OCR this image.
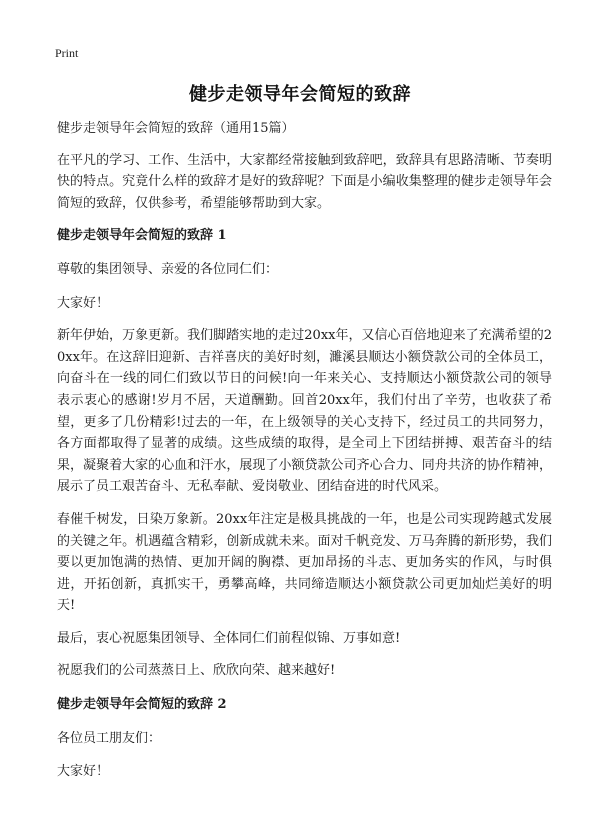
Print
健步走领导年会简短的致辞

健步走领导年会简短的致辞（通用15篇）

在平凡的学习、工作、生活中，大家都经常接触到致辞吧，致辞具有思路清晰、节奏明快的特点。究竟什么样的致辞才是好的致辞呢？下面是小编收集整理的健步走领导年会简短的致辞，仅供参考，希望能够帮助到大家。

健步走领导年会简短的致辞 1

尊敬的集团领导、亲爱的各位同仁们：

大家好！

新年伊始，万象更新。我们脚踏实地的走过20xx年，又信心百倍地迎来了充满希望的20xx年。在这辞旧迎新、吉祥喜庆的美好时刻，濉溪县顺达小额贷款公司的全体员工，向奋斗在一线的同仁们致以节日的问候!向一年来关心、支持顺达小额贷款公司的领导表示衷心的感谢!岁月不居，天道酬勤。回首20xx年，我们付出了辛劳，也收获了希望，更多了几份精彩!过去的一年，在上级领导的关心支持下，经过员工的共同努力，各方面都取得了显著的成绩。这些成绩的取得，是全司上下团结拼搏、艰苦奋斗的结果，凝聚着大家的心血和汗水，展现了小额贷款公司齐心合力、同舟共济的协作精神，展示了员工艰苦奋斗、无私奉献、爱岗敬业、团结奋进的时代风采。

春催千树发，日染万象新。20xx年注定是极具挑战的一年，也是公司实现跨越式发展的关键之年。机遇蕴含精彩，创新成就未来。面对千帆竞发、万马奔腾的新形势，我们要以更加饱满的热情、更加开阔的胸襟、更加昂扬的斗志、更加务实的作风，与时俱进，开拓创新，真抓实干，勇攀高峰，共同缔造顺达小额贷款公司更加灿烂美好的明天!

最后，衷心祝愿集团领导、全体同仁们前程似锦、万事如意!

祝愿我们的公司蒸蒸日上、欣欣向荣、越来越好!

健步走领导年会简短的致辞 2

各位员工朋友们：

大家好！
